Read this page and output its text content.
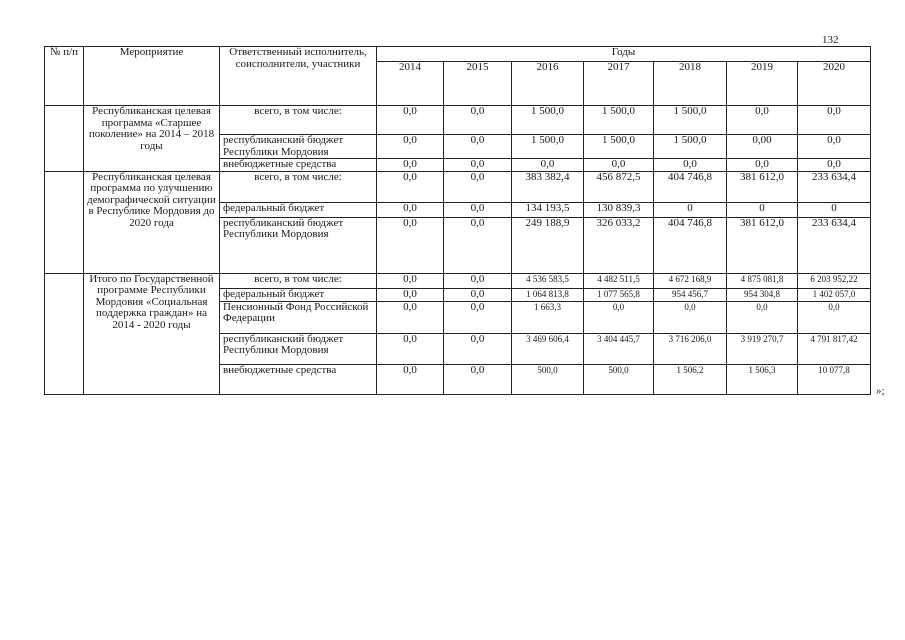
132
№ п/п	Мероприятие	Ответственный исполнитель, соисполнители, участники	Годы						
			2014	2015	2016	2017	2018	2019	2020
	Республиканская целевая программа «Старшее поколение» на 2014 – 2018 годы	всего, в том числе:	0,0	0,0	1 500,0	1 500,0	1 500,0	0,0	0,0
		республиканский бюджет Республики Мордовия	0,0	0,0	1 500,0	1 500,0	1 500,0	0,00	0,0
		внебюджетные средства	0,0	0,0	0,0	0,0	0,0	0,0	0,0
	Республиканская целевая программа по улучшению демографической ситуации в Республике Мордовия до 2020 года	всего, в том числе:	0,0	0,0	383 382,4	456 872,5	404 746,8	381 612,0	233 634,4
		федеральный бюджет	0,0	0,0	134 193,5	130 839,3	0	0	0
		республиканский бюджет Республики Мордовия	0,0	0,0	249 188,9	326 033,2	404 746,8	381 612,0	233 634,4
	Итого по Государственной программе Республики Мордовия «Социальная поддержка граждан» на 2014 - 2020 годы	всего, в том числе:	0,0	0,0	4 536 583,5	4 482 511,5	4 672 168,9	4 875 081,8	6 203 952,22
		федеральный бюджет	0,0	0,0	1 064 813,8	1 077 565,8	954 456,7	954 304,8	1 402 057,0
		Пенсионный Фонд Российской Федерации	0,0	0,0	1 663,3	0,0	0,0	0,0	0,0
		республиканский бюджет Республики Мордовия	0,0	0,0	3 469 606,4	3 404 445,7	3 716 206,0	3 919 270,7	4 791 817,42
		внебюджетные средства	0,0	0,0	500,0	500,0	1 506,2	1 506,3	10 077,8
»;
